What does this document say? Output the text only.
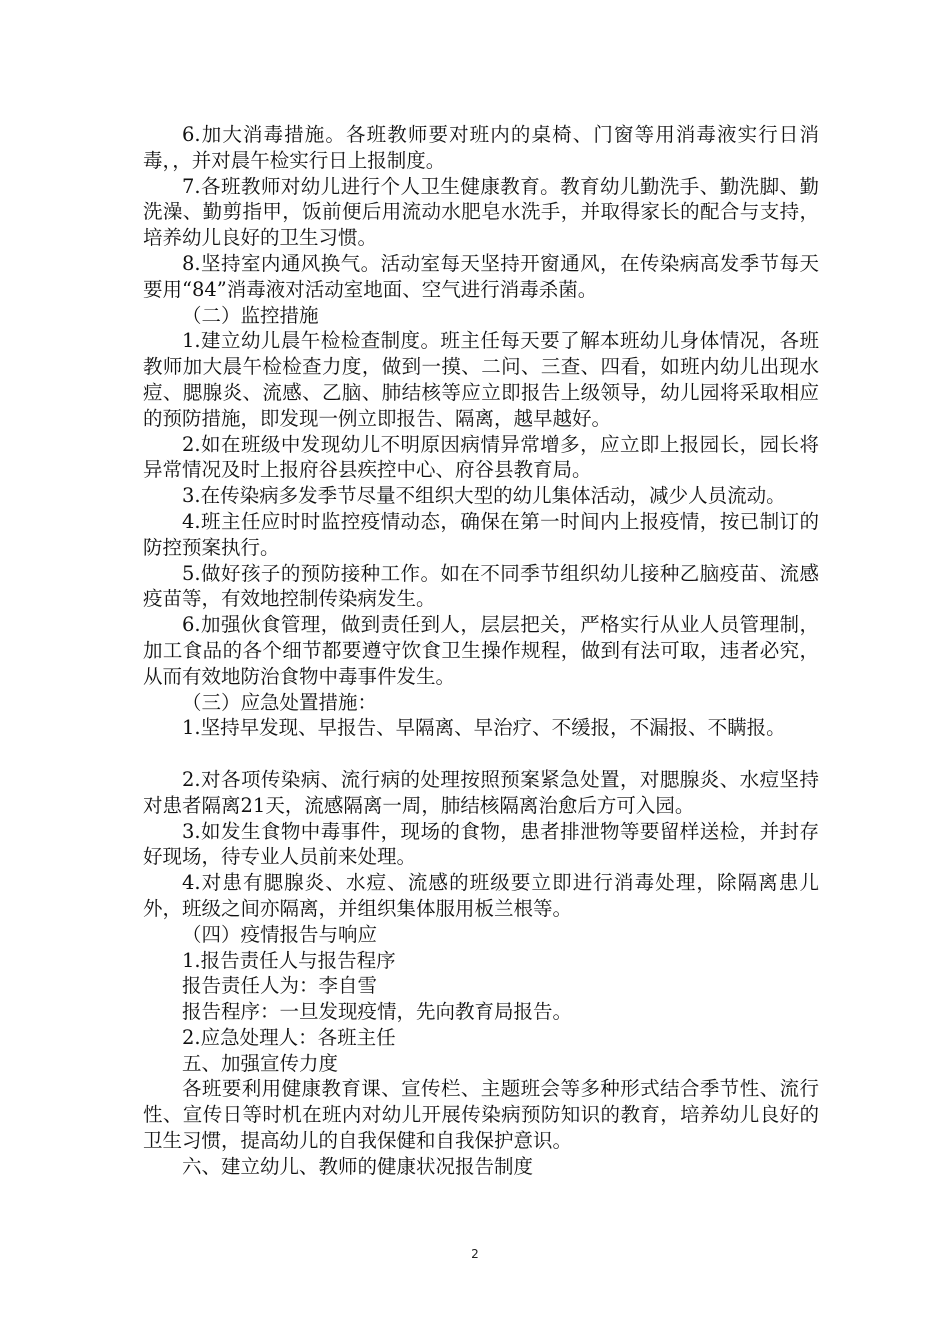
6.加大消毒措施。各班教师要对班内的桌椅、门窗等用消毒液实行日消毒，，并对晨午检实行日上报制度。

7.各班教师对幼儿进行个人卫生健康教育。教育幼儿勤洗手、勤洗脚、勤洗澡、勤剪指甲，饭前便后用流动水肥皂水洗手，并取得家长的配合与支持，培养幼儿良好的卫生习惯。

8.坚持室内通风换气。活动室每天坚持开窗通风，在传染病高发季节每天要用“84”消毒液对活动室地面、空气进行消毒杀菌。

（二）监控措施

1.建立幼儿晨午检检查制度。班主任每天要了解本班幼儿身体情况，各班教师加大晨午检检查力度，做到一摸、二问、三查、四看，如班内幼儿出现水痘、腮腺炎、流感、乙脑、肺结核等应立即报告上级领导，幼儿园将采取相应的预防措施，即发现一例立即报告、隔离，越早越好。

2.如在班级中发现幼儿不明原因病情异常增多，应立即上报园长，园长将异常情况及时上报府谷县疾控中心、府谷县教育局。

3.在传染病多发季节尽量不组织大型的幼儿集体活动，减少人员流动。

4.班主任应时时监控疫情动态，确保在第一时间内上报疫情，按已制订的防控预案执行。

5.做好孩子的预防接种工作。如在不同季节组织幼儿接种乙脑疫苗、流感疫苗等，有效地控制传染病发生。

6.加强伙食管理，做到责任到人，层层把关，严格实行从业人员管理制，加工食品的各个细节都要遵守饮食卫生操作规程，做到有法可取，违者必究，从而有效地防治食物中毒事件发生。

（三）应急处置措施：

1.坚持早发现、早报告、早隔离、早治疗、不缓报，不漏报、不瞒报。

2.对各项传染病、流行病的处理按照预案紧急处置，对腮腺炎、水痘坚持对患者隔离21天，流感隔离一周，肺结核隔离治愈后方可入园。

3.如发生食物中毒事件，现场的食物，患者排泄物等要留样送检，并封存好现场，待专业人员前来处理。

4.对患有腮腺炎、水痘、流感的班级要立即进行消毒处理，除隔离患儿外，班级之间亦隔离，并组织集体服用板兰根等。

（四）疫情报告与响应

1.报告责任人与报告程序

报告责任人为：李自雪

报告程序：一旦发现疫情，先向教育局报告。

2.应急处理人：各班主任

五、加强宣传力度

各班要利用健康教育课、宣传栏、主题班会等多种形式结合季节性、流行性、宣传日等时机在班内对幼儿开展传染病预防知识的教育，培养幼儿良好的卫生习惯，提高幼儿的自我保健和自我保护意识。

六、建立幼儿、教师的健康状况报告制度

2
